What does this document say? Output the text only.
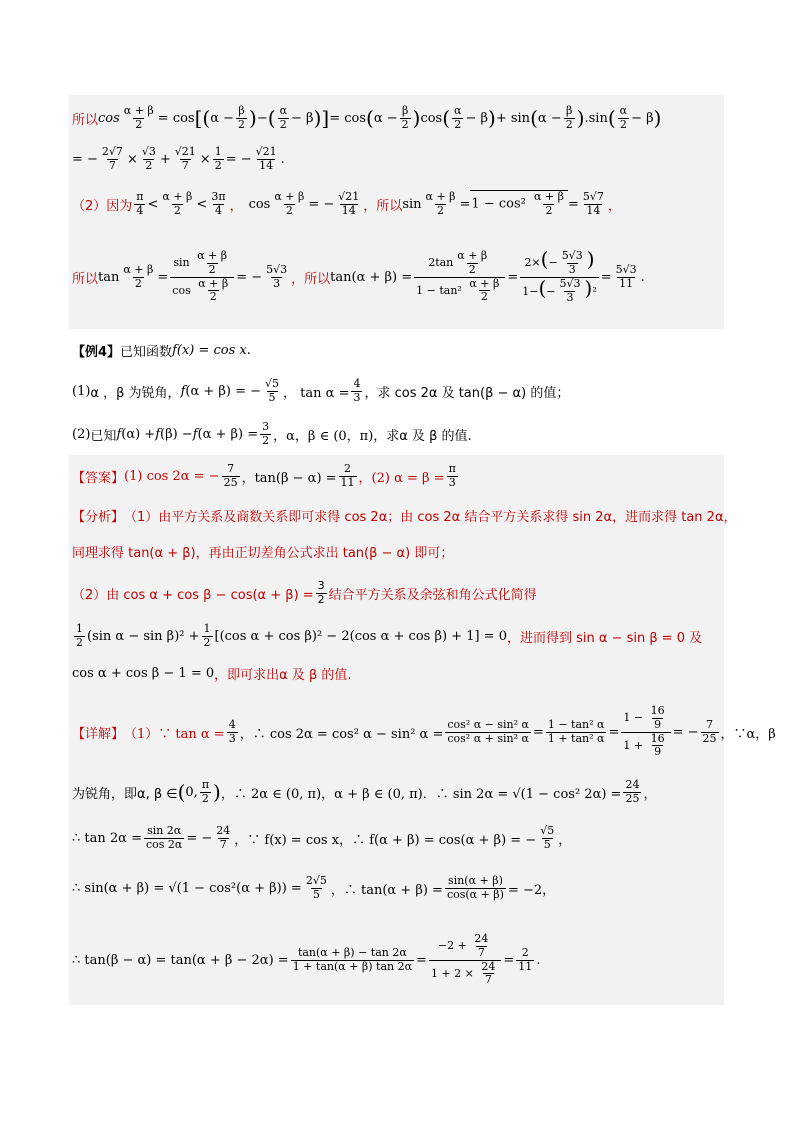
所以 $\cos \frac{\alpha + \beta}{2} = \cos$ [ ( $\alpha - \frac{\beta}{2}$ ) − ( $\frac{\alpha}{2} - \beta$ ) ] = cos ( $\alpha - \frac{\beta}{2}$ ) cos ( $\frac{\alpha}{2} - \beta$ ) + sin ( $\alpha - \frac{\beta}{2}$ ) .sin ( $\frac{\alpha}{2} - \beta$ )
= − $\frac{2√7}{7} \times \frac{√3}{2} + \frac{√21}{7} \times \frac{1}{2}$ = − $\frac{√21}{14}$ .
（2）因为 $\frac{\pi}{4} < \frac{\alpha + \beta}{2} < \frac{3\pi}{4}$ ， $\cos \frac{\alpha + \beta}{2}$ = − $\frac{√21}{14}$ ，所以 $\sin \frac{\alpha + \beta}{2} = 1 - \cos^2 \frac{\alpha + \beta}{2} = \frac{5√7}{14}$ ，
所以 $\tan \frac{\alpha + \beta}{2} = \frac{\sin \frac{\alpha + \beta}{2}}{\cos \frac{\alpha + \beta}{2}}$ = − $\frac{5√3}{3}$ ，所以 $\tan(\alpha + \beta) = \frac{2\tan \frac{\alpha + \beta}{2}}{1 - \tan^2 \frac{\alpha + \beta}{2}} = \frac{2\times(- \frac{5√3}{3} )}{1-(- \frac{5√3}{3} )^2} = \frac{5√3}{11}$ .
【例4】 已知函数 f(x) = cos x .
(1) α ，β 为锐角， f (α + β) = − $\frac{√5}{5}$ ， $\tan \alpha = \frac{4}{3}$ ，求 cos 2α 及 tan(β − α) 的值；
(2) 已知 f (α) + f (β) − f $(\alpha + \beta) = \frac{3}{2}$ ，α，β ∈ (0，π) ，求α 及 β 的值.
【答案】 (1) cos 2α = − $\frac{7}{25}$ ，$\tan(\beta - \alpha) = \frac{2}{11}$ ，(2) $\alpha = \beta = \frac{\pi}{3}$
【分析】 （1）由平方关系及商数关系即可求得 cos 2α；由 cos 2α 结合平方关系求得 sin 2α，进而求得 tan 2α，
同理求得 tan(α + β)，再由正切差角公式求出 tan(β − α) 即可；
（2）由 $\cos \alpha + \cos \beta - \cos(\alpha + \beta) = \frac{3}{2}$ 结合平方关系及余弦和角公式化简得
$\frac{1}{2} (\sin$ $\alpha - \sin \beta)^2 + \frac{1}{2} [(\cos$ α + cos β)² − 2(cos α + cos β) + 1] = 0 ，进而得到 sin α − sin β = 0 及
cos α + cos β − 1 = 0 ，即可求出α 及 β 的值.
【详解】 （1）∵ $\tan \alpha = \frac{4}{3}$ ，∴ cos 2α = cos² α − sin² $\alpha = \frac{\text{cos² α − sin² α}}{\text{cos² α + sin² α}} = \frac{\text{1 − tan² α}}{\text{1 + tan² α}} = \frac{1 - \frac{16}{9}}{1 + \frac{16}{9}}$ = − $\frac{7}{25}$ ，∵α，β
为锐角，即α, β ∈ ( 0, $\frac{\pi}{2}$ ) ，∴ 2α ∈ (0, π)，α + β ∈ (0, π)．∴ sin 2α = √(1 − cos² $2\alpha) = \frac{24}{25}$ ，
∴ $\tan 2\alpha = \frac{\sin 2\alpha}{\cos 2\alpha}$ = − $\frac{24}{7}$ ，∵ f(x) = cos x，∴ f(α + β) = cos(α + β) = − $\frac{√5}{5}$ ，
∴ $\sin(\alpha + \beta) = √(1 - \cos^2(\alpha + \beta)) = \frac{2√5}{5}$ ，∴ $\tan(\alpha + \beta) = \frac{\sin(\alpha + \beta)}{\cos(\alpha + \beta)} = -2$，
∴ $\tan(\beta - \alpha) = \tan(\alpha + \beta - 2\alpha) = \frac{\tan(\alpha + \beta) - \tan 2\alpha}{1 + \tan(\alpha + \beta) \tan 2\alpha} = \frac{-2 + \frac{24}{7}}{1 + 2 \times \frac{24}{7}} = \frac{2}{11}$ .
